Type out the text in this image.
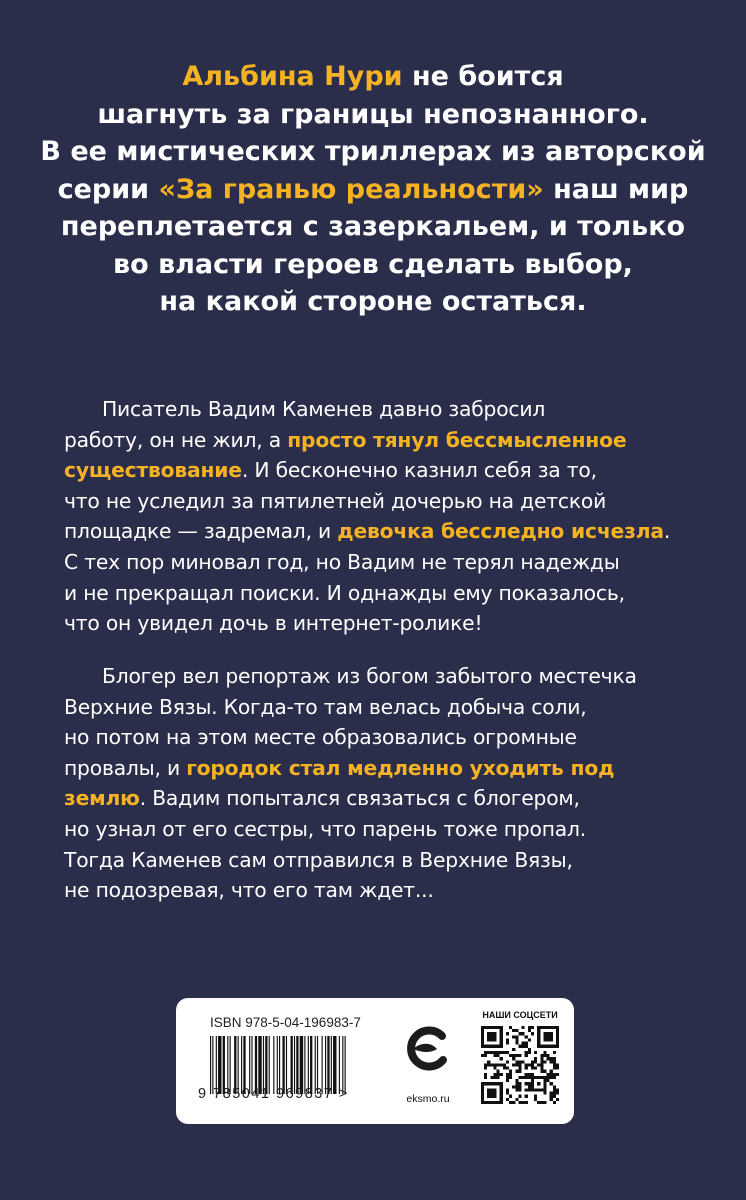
Альбина Нури не боится
шагнуть за границы непознанного.
В ее мистических триллерах из авторской
серии «За гранью реальности» наш мир
переплетается с зазеркальем, и только
во власти героев сделать выбор,
на какой стороне остаться.
Писатель Вадим Каменев давно забросил
работу, он не жил, а просто тянул бессмысленное
существование. И бесконечно казнил себя за то,
что не уследил за пятилетней дочерью на детской
площадке — задремал, и девочка бесследно исчезла.
С тех пор миновал год, но Вадим не терял надежды
и не прекращал поиски. И однажды ему показалось,
что он увидел дочь в интернет-ролике!
Блогер вел репортаж из богом забытого местечка
Верхние Вязы. Когда-то там велась добыча соли,
но потом на этом месте образовались огромные
провалы, и городок стал медленно уходить под
землю. Вадим попытался связаться с блогером,
но узнал от его сестры, что парень тоже пропал.
Тогда Каменев сам отправился в Верхние Вязы,
не подозревая, что его там ждет...
ISBN 978-5-04-196983-7
9 785041 969837 >	eksmo.ru
НАШИ СОЦСЕТИ
